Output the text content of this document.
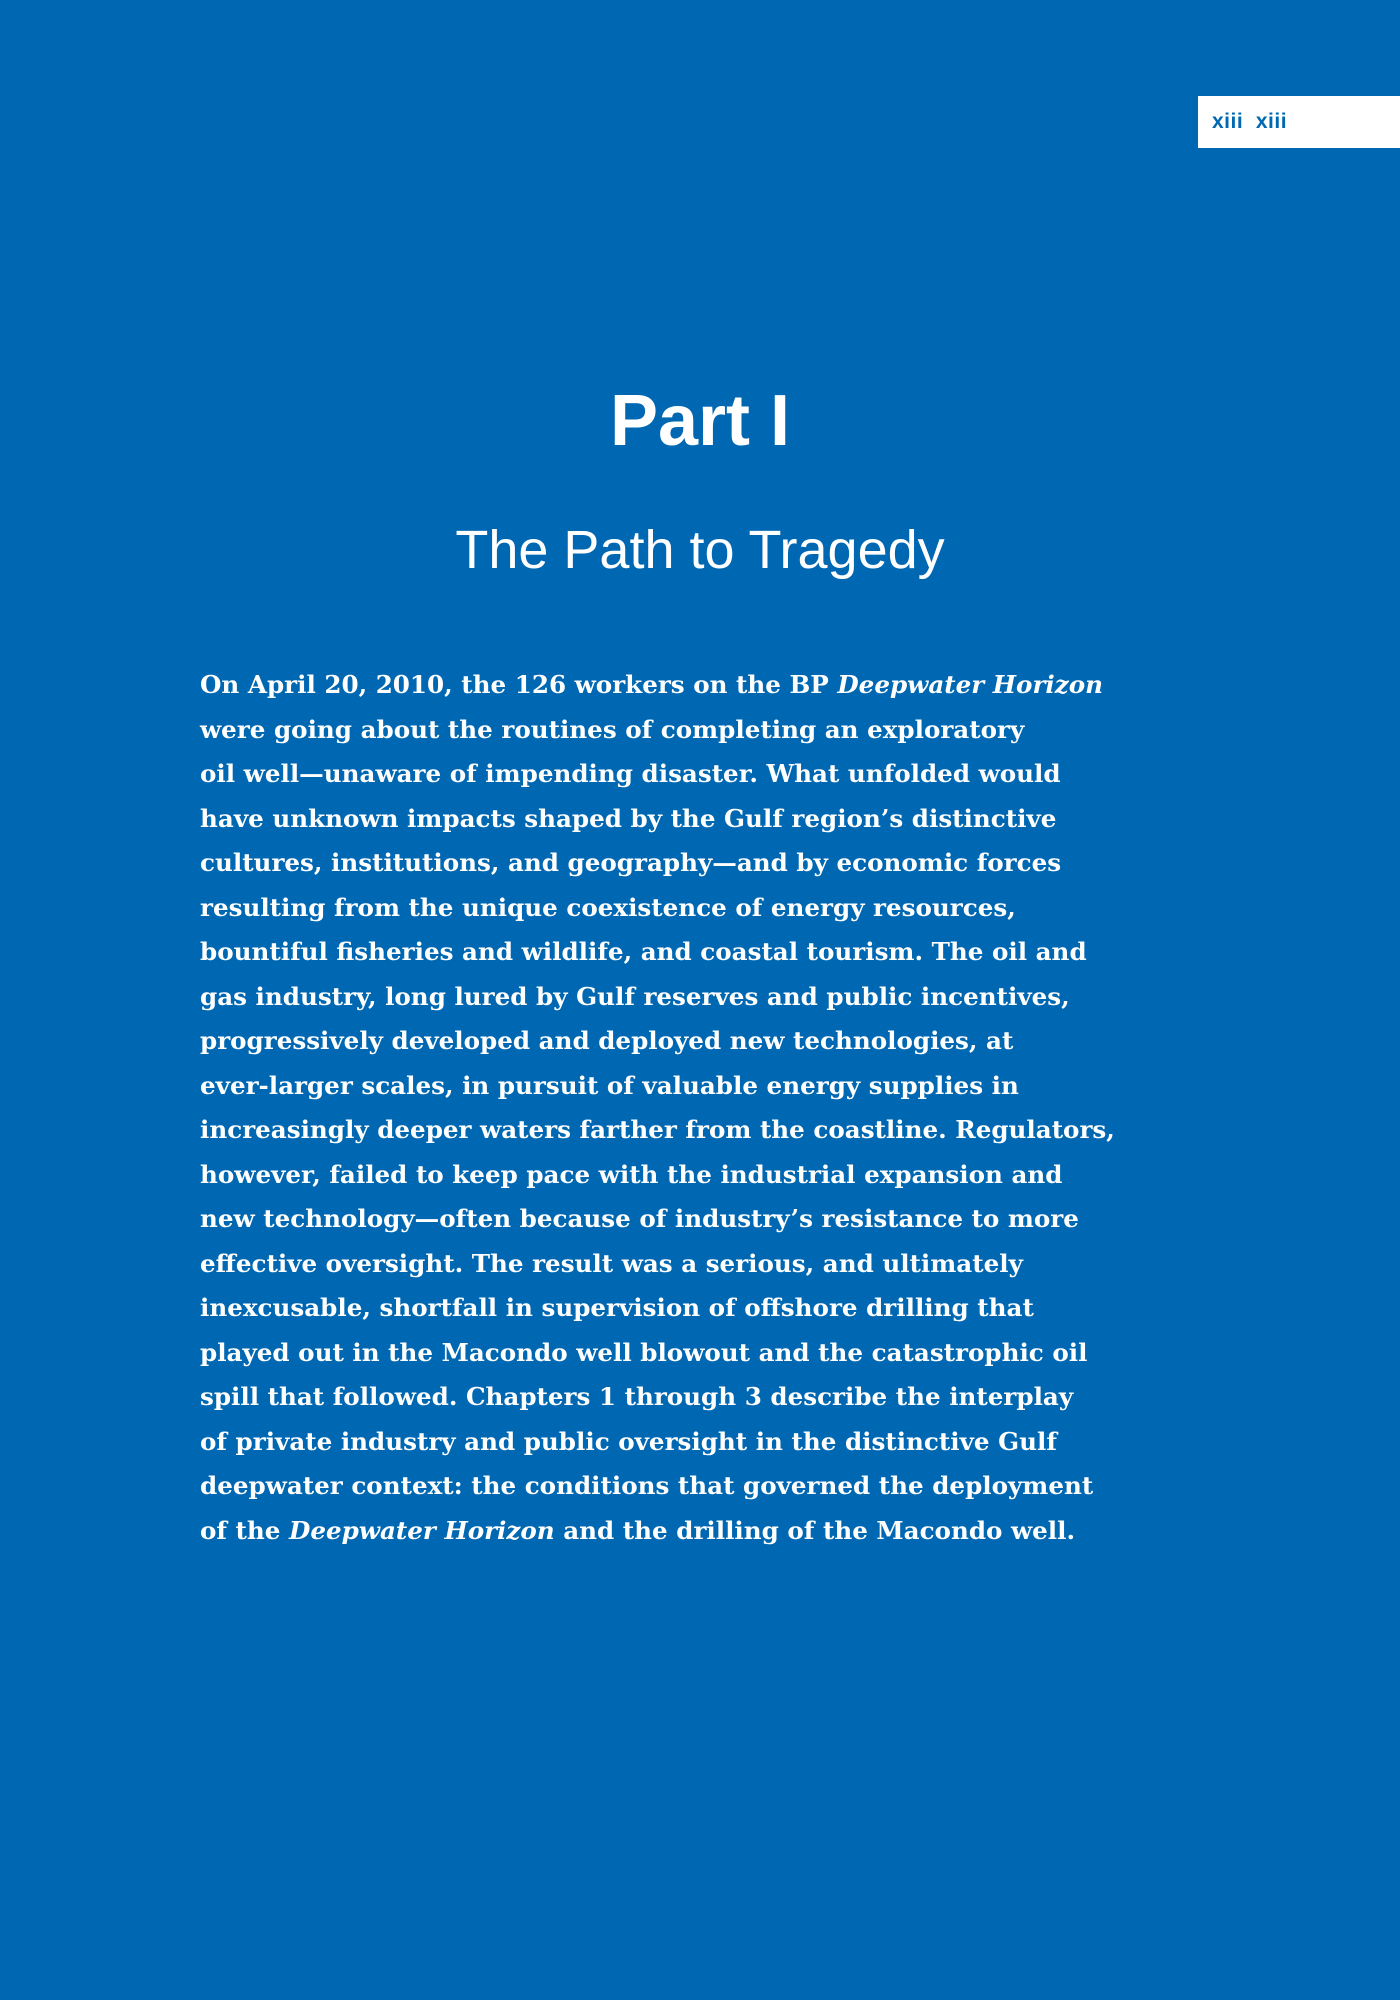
xiii  xiii
Part I
The Path to Tragedy

On April 20, 2010, the 126 workers on the BP Deepwater Horizon
were going about the routines of completing an exploratory
oil well—unaware of impending disaster. What unfolded would
have unknown impacts shaped by the Gulf region’s distinctive
cultures, institutions, and geography—and by economic forces
resulting from the unique coexistence of energy resources,
bountiful fisheries and wildlife, and coastal tourism. The oil and
gas industry, long lured by Gulf reserves and public incentives,
progressively developed and deployed new technologies, at
ever-larger scales, in pursuit of valuable energy supplies in
increasingly deeper waters farther from the coastline. Regulators,
however, failed to keep pace with the industrial expansion and
new technology—often because of industry’s resistance to more
effective oversight. The result was a serious, and ultimately
inexcusable, shortfall in supervision of offshore drilling that
played out in the Macondo well blowout and the catastrophic oil
spill that followed. Chapters 1 through 3 describe the interplay
of private industry and public oversight in the distinctive Gulf
deepwater context: the conditions that governed the deployment
of the Deepwater Horizon and the drilling of the Macondo well.
